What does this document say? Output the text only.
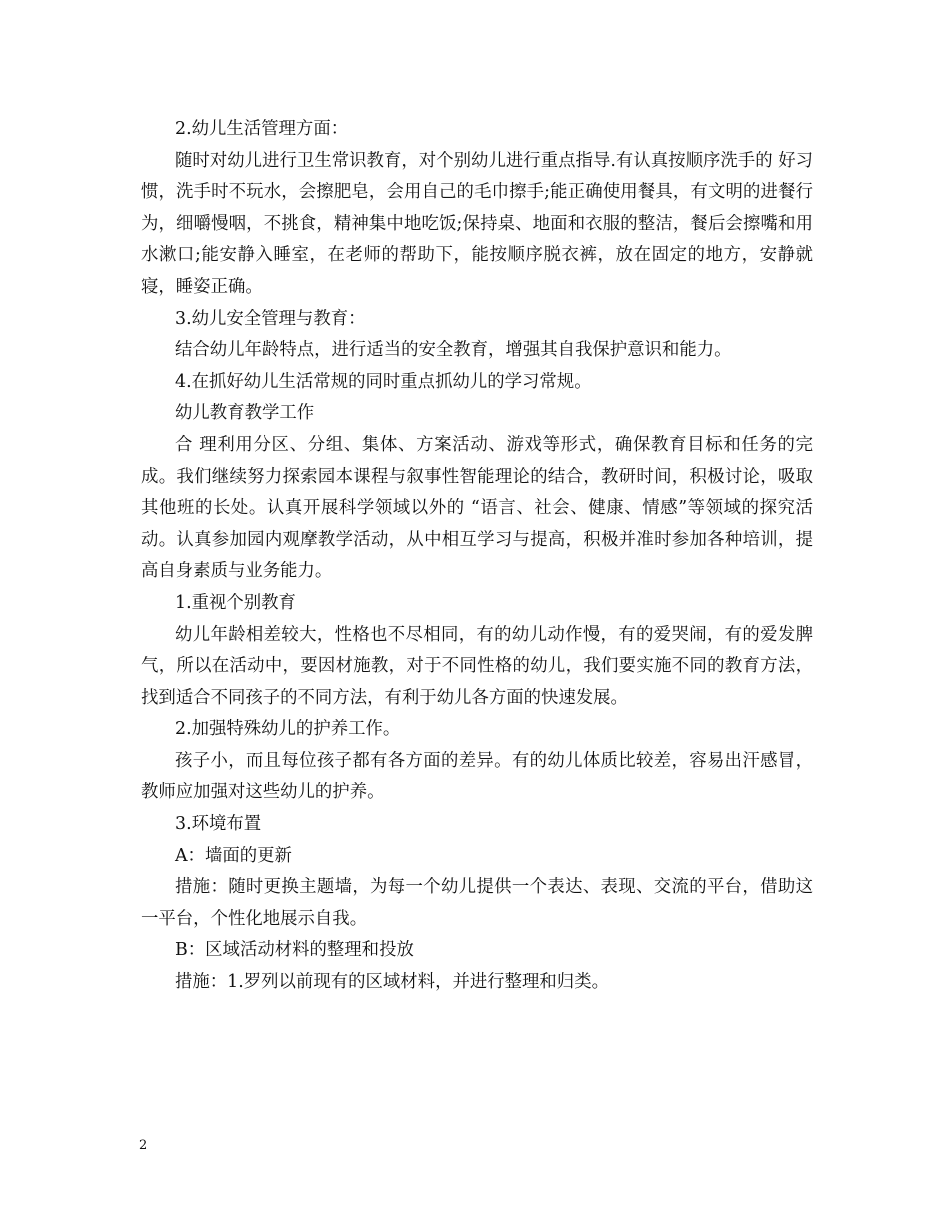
2.幼儿生活管理方面：

随时对幼儿进行卫生常识教育，对个别幼儿进行重点指导.有认真按顺序洗手的 好习惯，洗手时不玩水，会擦肥皂，会用自己的毛巾擦手;能正确使用餐具，有文明的进餐行为，细嚼慢咽，不挑食，精神集中地吃饭;保持桌、地面和衣服的整洁，餐后会擦嘴和用水漱口;能安静入睡室，在老师的帮助下，能按顺序脱衣裤，放在固定的地方，安静就寝，睡姿正确。

3.幼儿安全管理与教育：

结合幼儿年龄特点，进行适当的安全教育，增强其自我保护意识和能力。

4.在抓好幼儿生活常规的同时重点抓幼儿的学习常规。

幼儿教育教学工作

合 理利用分区、分组、集体、方案活动、游戏等形式，确保教育目标和任务的完成。我们继续努力探索园本课程与叙事性智能理论的结合，教研时间，积极讨论，吸取 其他班的长处。认真开展科学领域以外的 “语言、社会、健康、情感”等领域的探究活动。认真参加园内观摩教学活动，从中相互学习与提高，积极并准时参加各种培训，提高自身素质与业务能力。

1.重视个别教育

幼儿年龄相差较大，性格也不尽相同，有的幼儿动作慢，有的爱哭闹，有的爱发脾气，所以在活动中，要因材施教，对于不同性格的幼儿，我们要实施不同的教育方法，找到适合不同孩子的不同方法，有利于幼儿各方面的快速发展。

2.加强特殊幼儿的护养工作。

孩子小，而且每位孩子都有各方面的差异。有的幼儿体质比较差，容易出汗感冒，教师应加强对这些幼儿的护养。

3.环境布置

A：墙面的更新

措施：随时更换主题墙，为每一个幼儿提供一个表达、表现、交流的平台，借助这一平台，个性化地展示自我。

B：区域活动材料的整理和投放

措施：1.罗列以前现有的区域材料，并进行整理和归类。

2
